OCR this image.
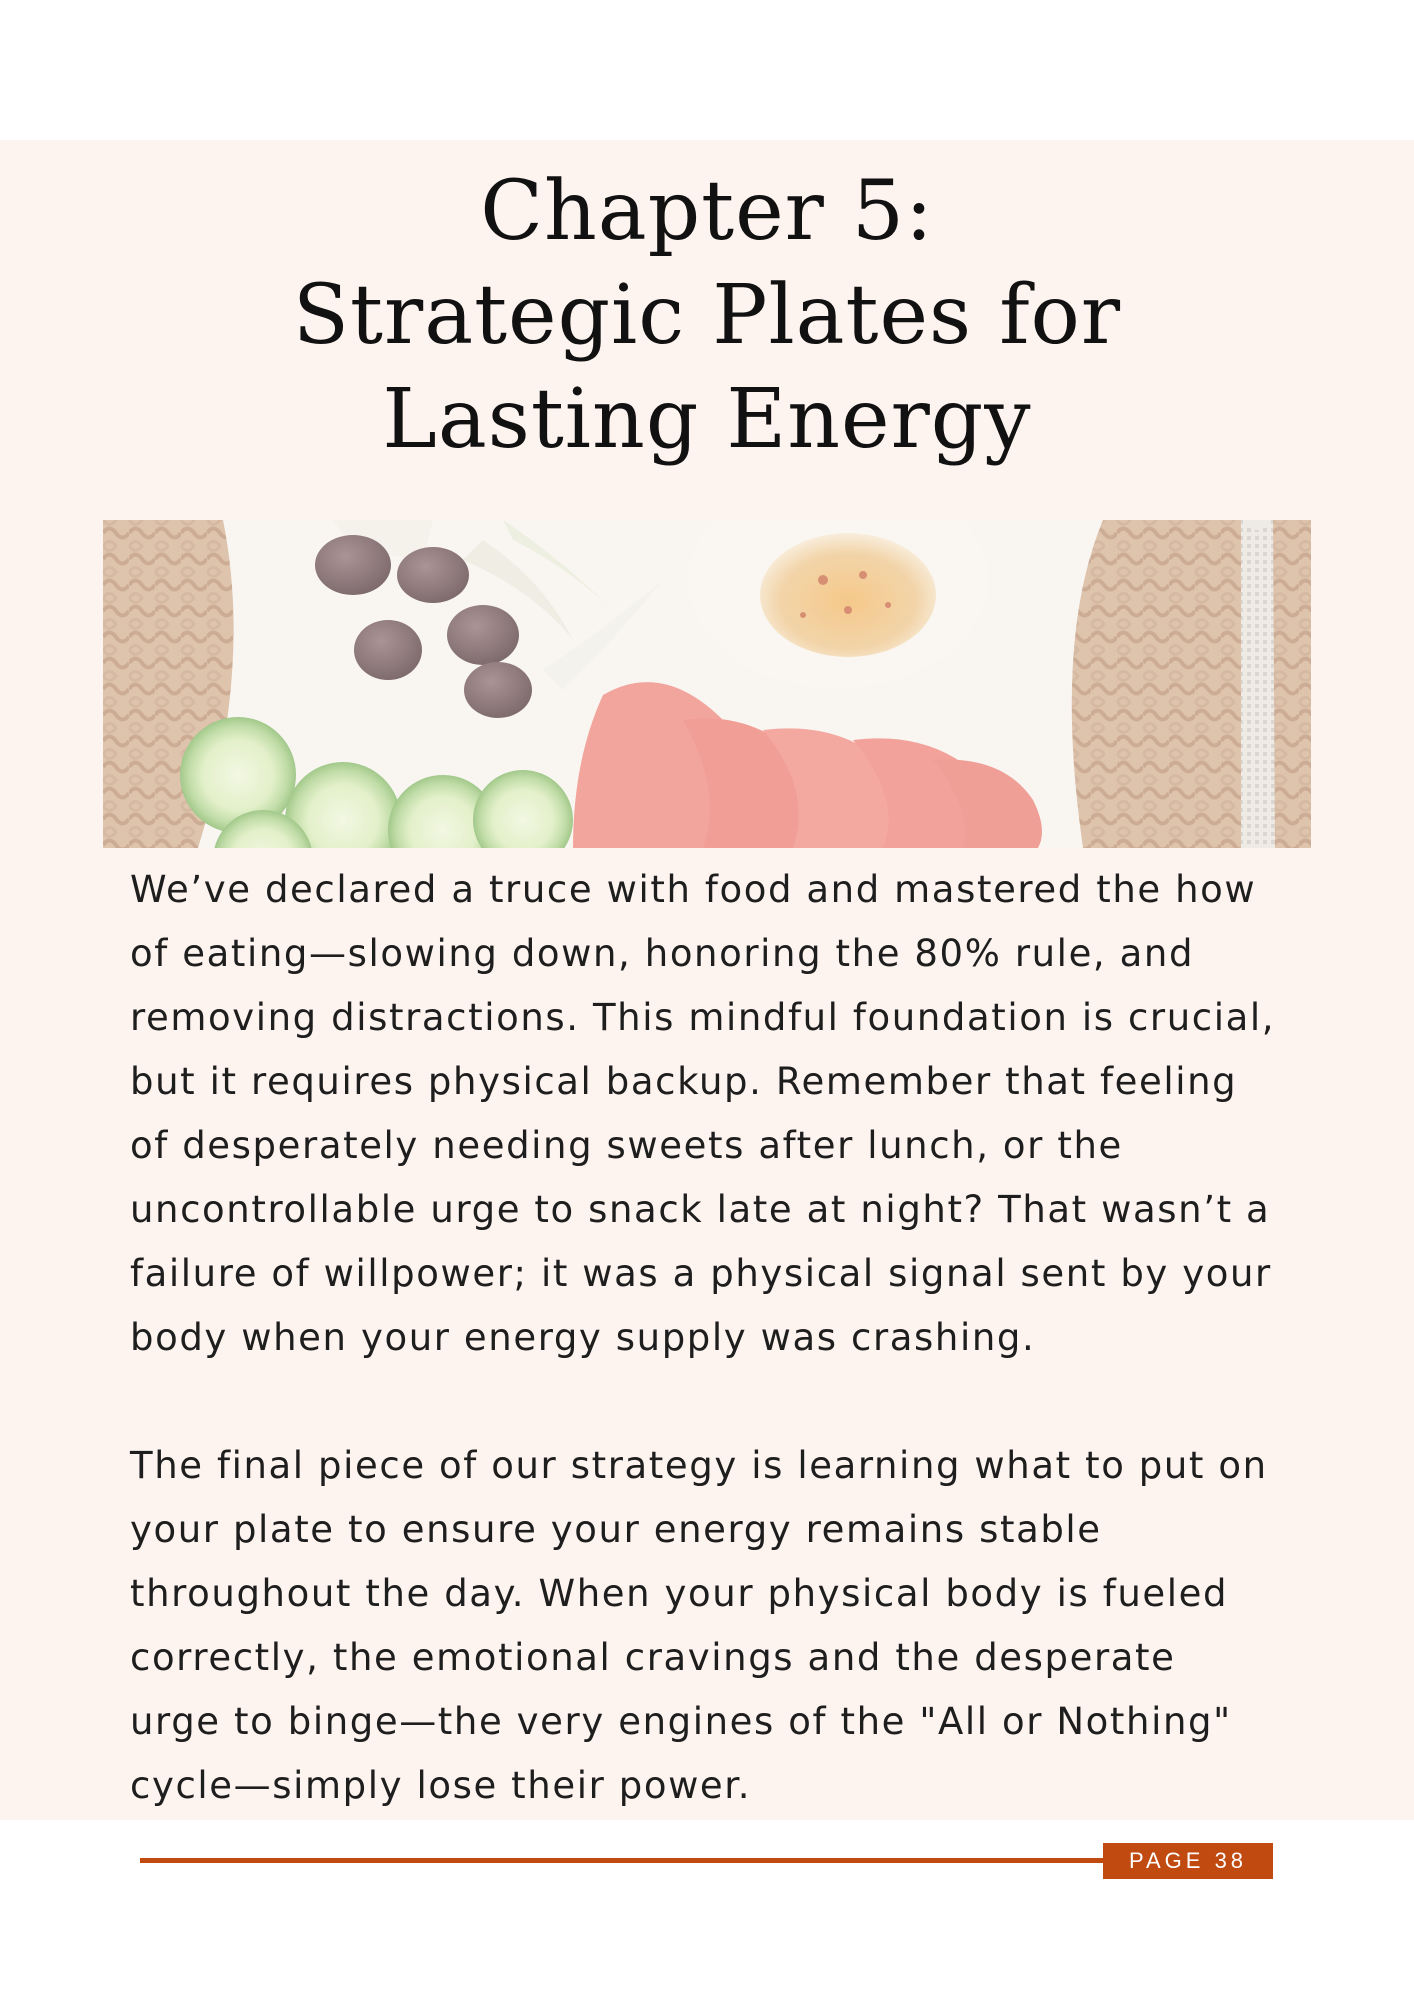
Chapter 5:
Strategic Plates for
Lasting Energy

We’ve declared a truce with food and mastered the how
of eating—slowing down, honoring the 80% rule, and
removing distractions. This mindful foundation is crucial,
but it requires physical backup. Remember that feeling
of desperately needing sweets after lunch, or the
uncontrollable urge to snack late at night? That wasn’t a
failure of willpower; it was a physical signal sent by your
body when your energy supply was crashing.

The final piece of our strategy is learning what to put on
your plate to ensure your energy remains stable
throughout the day. When your physical body is fueled
correctly, the emotional cravings and the desperate
urge to binge—the very engines of the "All or Nothing"
cycle—simply lose their power.

PAGE 38
